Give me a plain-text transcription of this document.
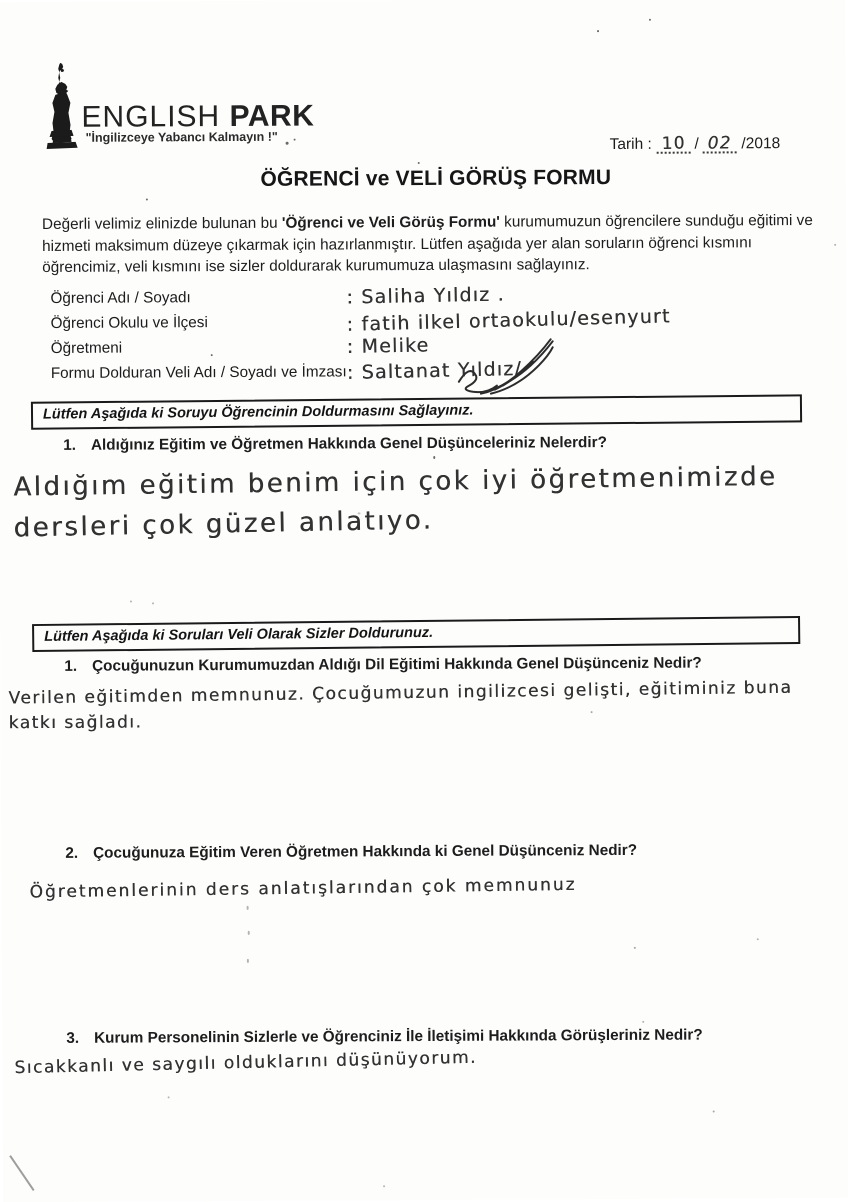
ENGLISH PARK
"İngilizceye Yabancı Kalmayın !"	Tarih : 10 / 02 /2018
ÖĞRENCİ ve VELİ GÖRÜŞ FORMU
Değerli velimiz elinizde bulunan bu 'Öğrenci ve Veli Görüş Formu' kurumumuzun öğrencilere sunduğu eğitimi ve hizmeti maksimum düzeye çıkarmak için hazırlanmıştır. Lütfen aşağıda yer alan soruların öğrenci kısmını öğrencimiz, veli kısmını ise sizler doldurarak kurumumuza ulaşmasını sağlayınız.
Öğrenci Adı / Soyadı	: Saliha Yıldız .
Öğrenci Okulu ve İlçesi	: fatih ilkel ortaokulu/esenyurt
Öğretmeni	: Melike
Formu Dolduran Veli Adı / Soyadı ve İmzası : Saltanat Yıldız/
Lütfen Aşağıda ki Soruyu Öğrencinin Doldurmasını Sağlayınız.
1. Aldığınız Eğitim ve Öğretmen Hakkında Genel Düşünceleriniz Nelerdir?
Aldığım eğitim benim için çok iyi öğretmenimizde
dersleri çok güzel anlatıyo.
Lütfen Aşağıda ki Soruları Veli Olarak Sizler Doldurunuz.
1. Çocuğunuzun Kurumumuzdan Aldığı Dil Eğitimi Hakkında Genel Düşünceniz Nedir?
Verilen eğitimden memnunuz. Çocuğumuzun ingilizcesi gelişti, eğitiminiz buna
katkı sağladı.
2. Çocuğunuza Eğitim Veren Öğretmen Hakkında ki Genel Düşünceniz Nedir?
Öğretmenlerinin ders anlatışlarından çok memnunuz
3. Kurum Personelinin Sizlerle ve Öğrenciniz İle İletişimi Hakkında Görüşleriniz Nedir?
Sıcakkanlı ve saygılı olduklarını düşünüyorum.
